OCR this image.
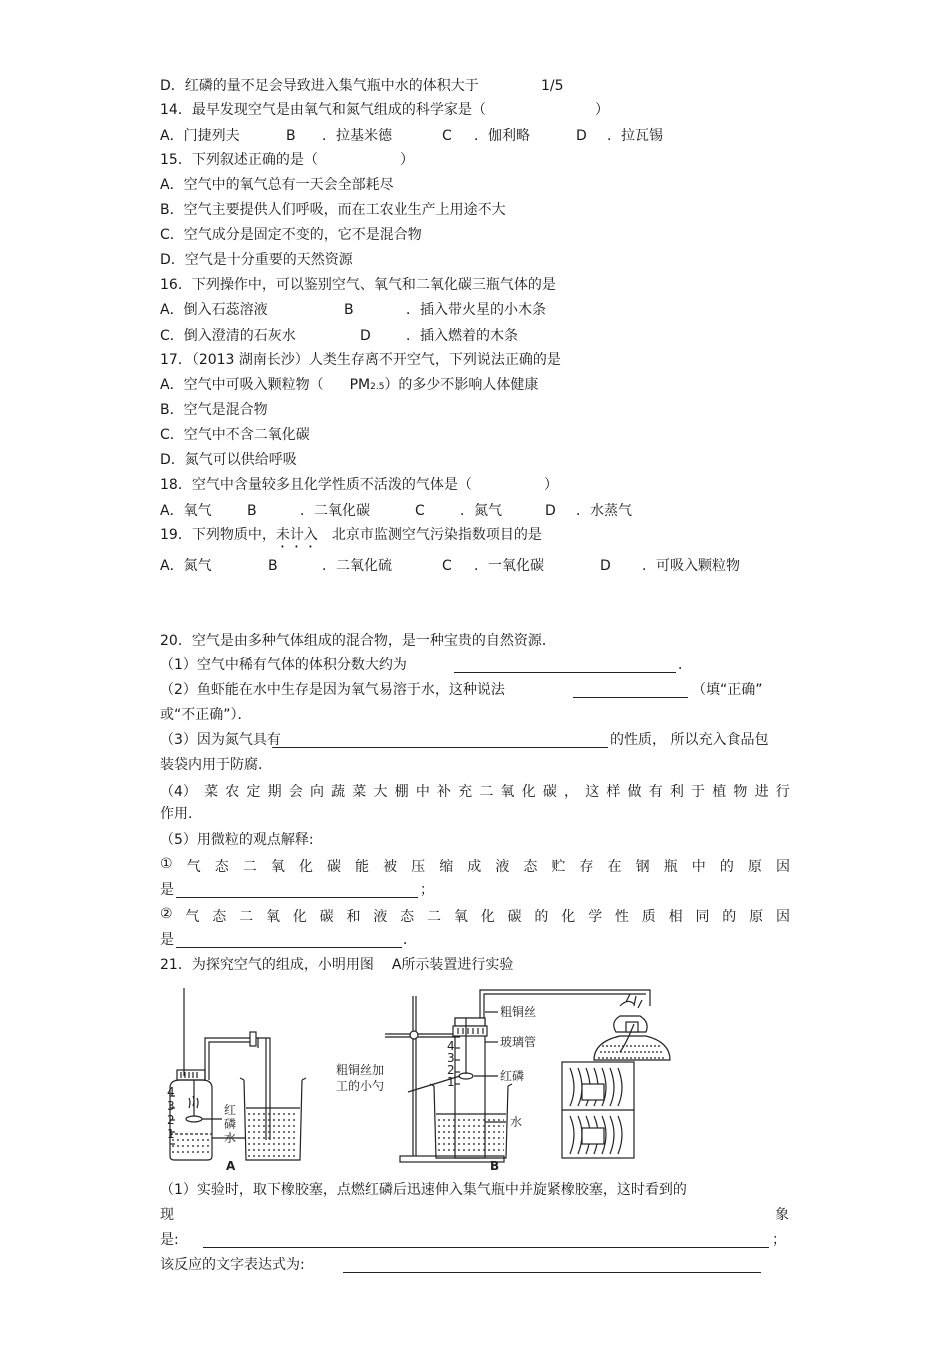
D．红磷的量不足会导致进入集气瓶中水的体积大于	1/5
14．最早发现空气是由氧气和氮气组成的科学家是（	）
A．门捷列夫	B ．拉基米德	C ．伽利略	D ．拉瓦锡
15．下列叙述正确的是（	）
A．空气中的氧气总有一天会全部耗尽
B．空气主要提供人们呼吸，而在工农业生产上用途不大
C．空气成分是固定不变的，它不是混合物
D．空气是十分重要的天然资源
16．下列操作中，可以鉴别空气、氧气和二氧化碳三瓶气体的是
A．倒入石蕊溶液	B	．插入带火星的小木条
C．倒入澄清的石灰水	D	．插入燃着的木条
17．（2013 湖南长沙）人类生存离不开空气，下列说法正确的是
A．空气中可吸入颗粒物（ PM2.5）的多少不影响人体健康
B．空气是混合物
C．空气中不含二氧化碳
D．氮气可以供给呼吸
18．空气中含量较多且化学性质不活泼的气体是（	）
A．氧气	B	．二氧化碳	C	．氮气	D ．水蒸气
19．下列物质中，未计入 北京市监测空气污染指数项目的是
A．氮气	B	．二氧化硫	C ．一氧化碳	D ．可吸入颗粒物
20．空气是由多种气体组成的混合物，是一种宝贵的自然资源．
（1）空气中稀有气体的体积分数大约为	．
（2）鱼虾能在水中生存是因为氧气易溶于水，这种说法	（填“正确”
或“不正确”）．
（3）因为氮气具有	的性质， 所以充入食品包
装袋内用于防腐.
（4） 菜 农 定 期 会 向 蔬 菜 大 棚 中 补 充 二 氧 化 碳 ， 这 样 做 有 利 于 植 物 进 行
作用.
（5）用微粒的观点解释:
① 气 态 二 氧 化 碳 能 被 压 缩 成 液 态 贮 存 在 钢 瓶 中 的 原 因
是	；
② 气 态 二 氧 化 碳 和 液 态 二 氧 化 碳 的 化 学 性 质 相 同 的 原 因
是	．
21．为探究空气的组成，小明用图 A所示装置进行实验
4
3
2
1
红
磷
水
A
4
3
2
1
粗铜丝
玻璃管
红磷
水
粗铜丝加
工的小勺
B
（1）实验时，取下橡胶塞，点燃红磷后迅速伸入集气瓶中并旋紧橡胶塞，这时看到的
现	象
是:	；
该反应的文字表达式为:
